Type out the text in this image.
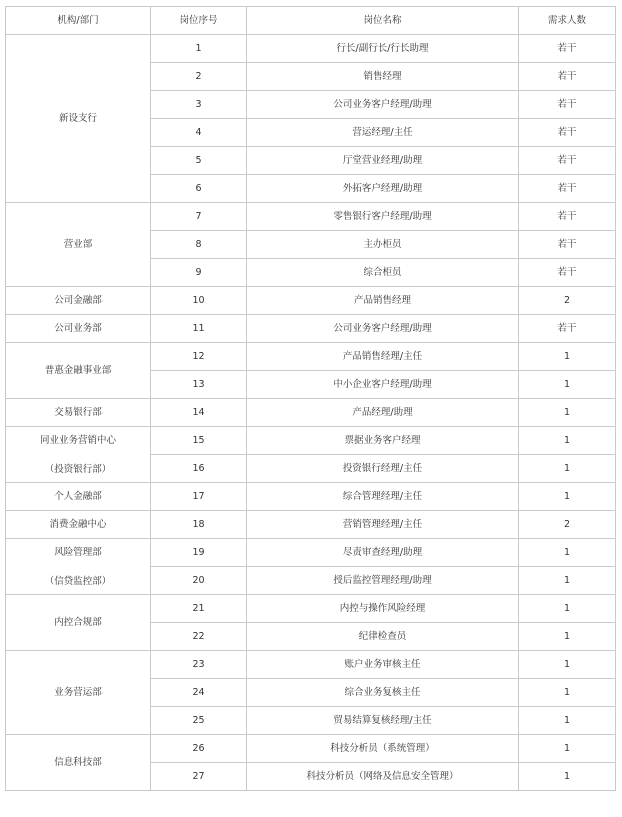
机构/部门	岗位序号	岗位名称	需求人数

新设支行	1	行长/副行长/行长助理	若干
	2	销售经理	若干
	3	公司业务客户经理/助理	若干
	4	营运经理/主任	若干
	5	厅堂营业经理/助理	若干
	6	外拓客户经理/助理	若干

营业部	7	零售银行客户经理/助理	若干
	8	主办柜员	若干
	9	综合柜员	若干

公司金融部	10	产品销售经理	2

公司业务部	11	公司业务客户经理/助理	若干

普惠金融事业部	12	产品销售经理/主任	1
	13	中小企业客户经理/助理	1

交易银行部	14	产品经理/助理	1

同业业务营销中心
（投资银行部）	15	票据业务客户经理	1
	16	投资银行经理/主任	1

个人金融部	17	综合管理经理/主任	1

消费金融中心	18	营销管理经理/主任	2

风险管理部
（信贷监控部）	19	尽责审查经理/助理	1
	20	授后监控管理经理/助理	1

内控合规部	21	内控与操作风险经理	1
	22	纪律检查员	1

业务营运部	23	账户业务审核主任	1
	24	综合业务复核主任	1
	25	贸易结算复核经理/主任	1

信息科技部	26	科技分析员（系统管理）	1
	27	科技分析员（网络及信息安全管理）	1
